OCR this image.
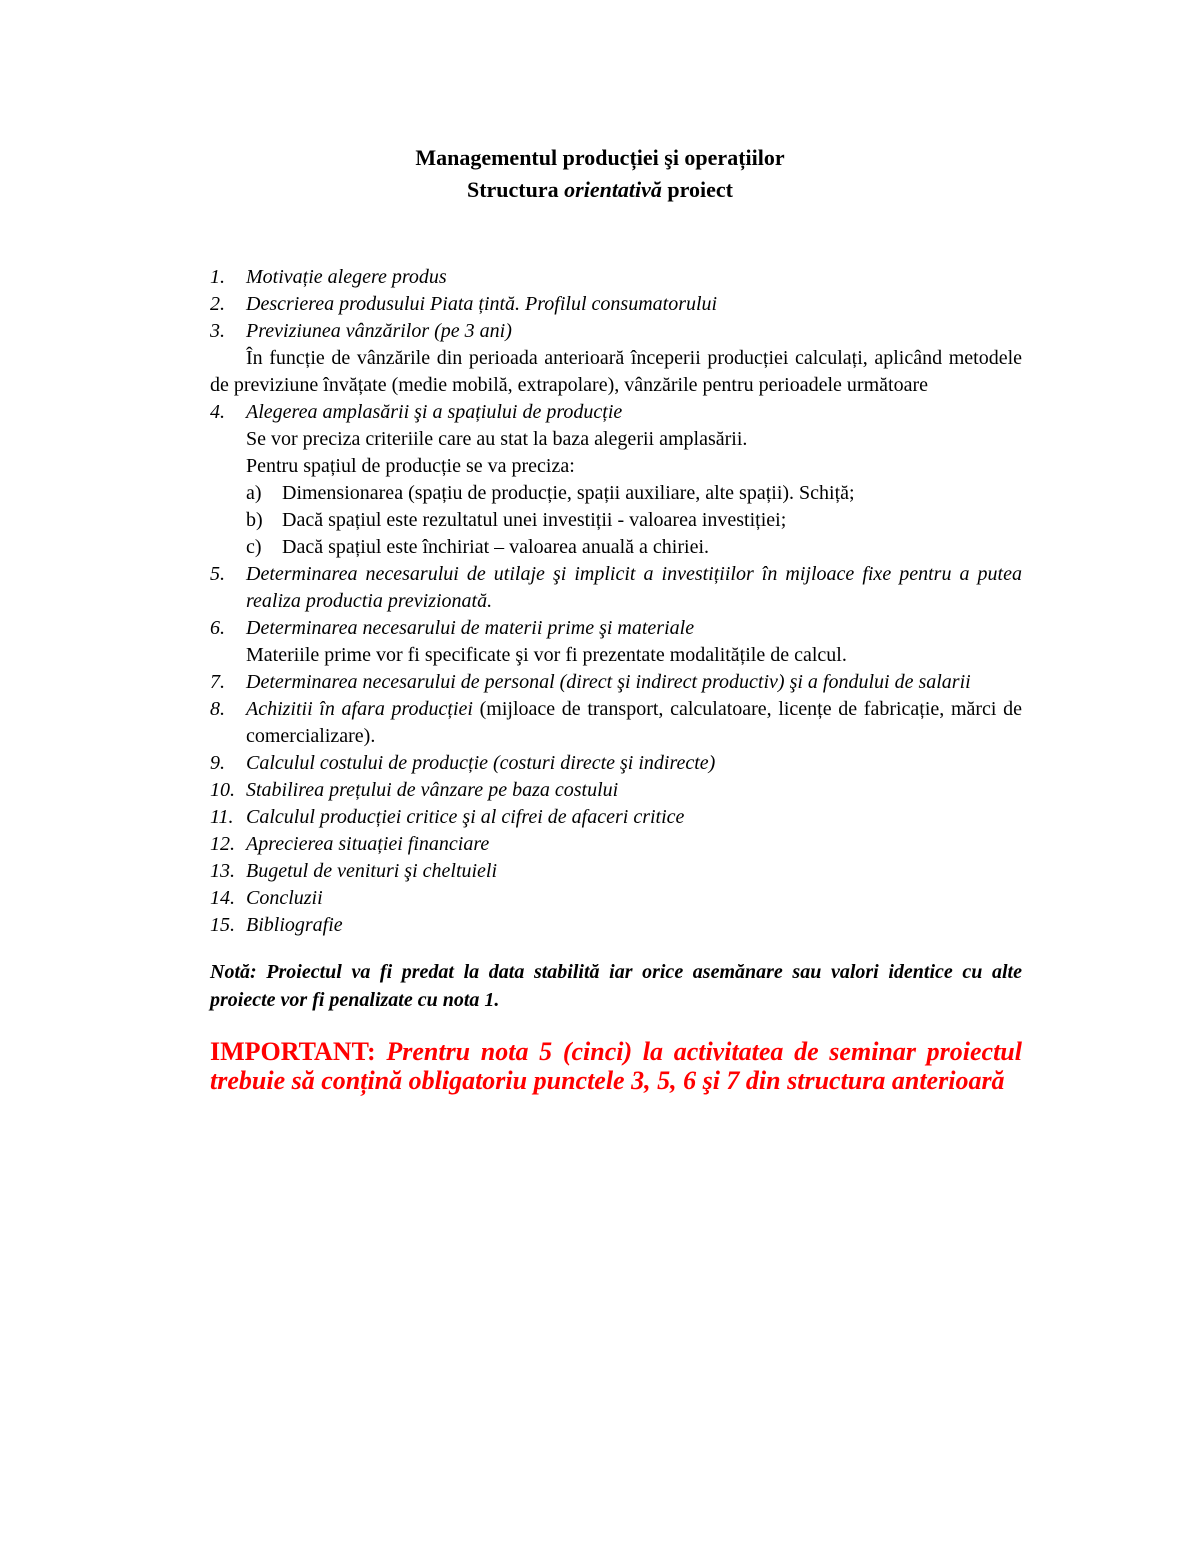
Managementul producției şi operațiilor
Structura orientativă proiect
1. Motivație alegere produs
2. Descrierea produsului Piata țintă. Profilul consumatorului
3. Previziunea vânzărilor (pe 3 ani)
În funcție de vânzările din perioada anterioară începerii producției calculați, aplicând metodele de previziune învățate (medie mobilă, extrapolare), vânzările pentru perioadele următoare
4. Alegerea amplasării şi a spațiului de producție
Se vor preciza criteriile care au stat la baza alegerii amplasării.
Pentru spațiul de producție se va preciza:
a) Dimensionarea (spațiu de producție, spații auxiliare, alte spații). Schiță;
b) Dacă spațiul este rezultatul unei investiții - valoarea investiției;
c) Dacă spațiul este închiriat – valoarea anuală a chiriei.
5. Determinarea necesarului de utilaje şi implicit a investițiilor în mijloace fixe pentru a putea realiza productia previzionată.
6. Determinarea necesarului de materii prime şi materiale
Materiile prime vor fi specificate şi vor fi prezentate modalitățile de calcul.
7. Determinarea necesarului de personal (direct şi indirect productiv) şi a fondului de salarii
8. Achizitii în afara producției (mijloace de transport, calculatoare, licențe de fabricație, mărci de comercializare).
9. Calculul costului de producție (costuri directe şi indirecte)
10. Stabilirea prețului de vânzare pe baza costului
11. Calculul producției critice şi al cifrei de afaceri critice
12. Aprecierea situației financiare
13. Bugetul de venituri şi cheltuieli
14. Concluzii
15. Bibliografie
Notă: Proiectul va fi predat la data stabilită iar orice asemănare sau valori identice cu alte proiecte vor fi penalizate cu nota 1.
IMPORTANT: Prentru nota 5 (cinci) la activitatea de seminar proiectul trebuie să conțină obligatoriu punctele 3, 5, 6 şi 7 din structura anterioară
